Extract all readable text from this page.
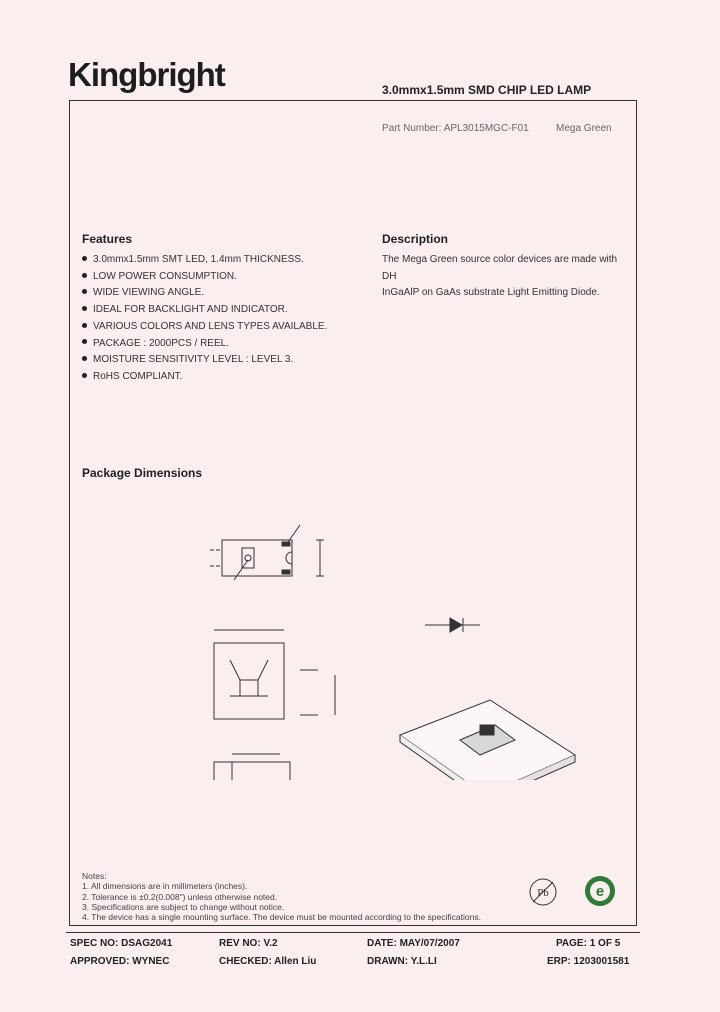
Kingbright	3.0mmx1.5mm SMD CHIP LED LAMP
Part Number: APL3015MGC-F01	Mega Green
Features
3.0mmx1.5mm SMT LED, 1.4mm THICKNESS.
LOW POWER CONSUMPTION.
WIDE VIEWING ANGLE.
IDEAL FOR BACKLIGHT AND INDICATOR.
VARIOUS COLORS AND LENS TYPES AVAILABLE.
PACKAGE : 2000PCS / REEL.
MOISTURE SENSITIVITY LEVEL : LEVEL 3.
RoHS COMPLIANT.
Description
The Mega Green source color devices are made with DH
InGaAlP on GaAs substrate Light Emitting Diode.
Package Dimensions
Notes:
1. All dimensions are in millimeters (inches).
2. Tolerance is ±0.2(0.008") unless otherwise noted.
3. Specifications are subject to change without notice.
4. The device has a single mounting surface. The device must be mounted according to the specifications.
Pb	e
SPEC NO: DSAG2041	REV NO: V.2	DATE: MAY/07/2007	PAGE: 1 OF 5
APPROVED: WYNEC	CHECKED: Allen Liu	DRAWN: Y.L.LI	ERP: 1203001581
